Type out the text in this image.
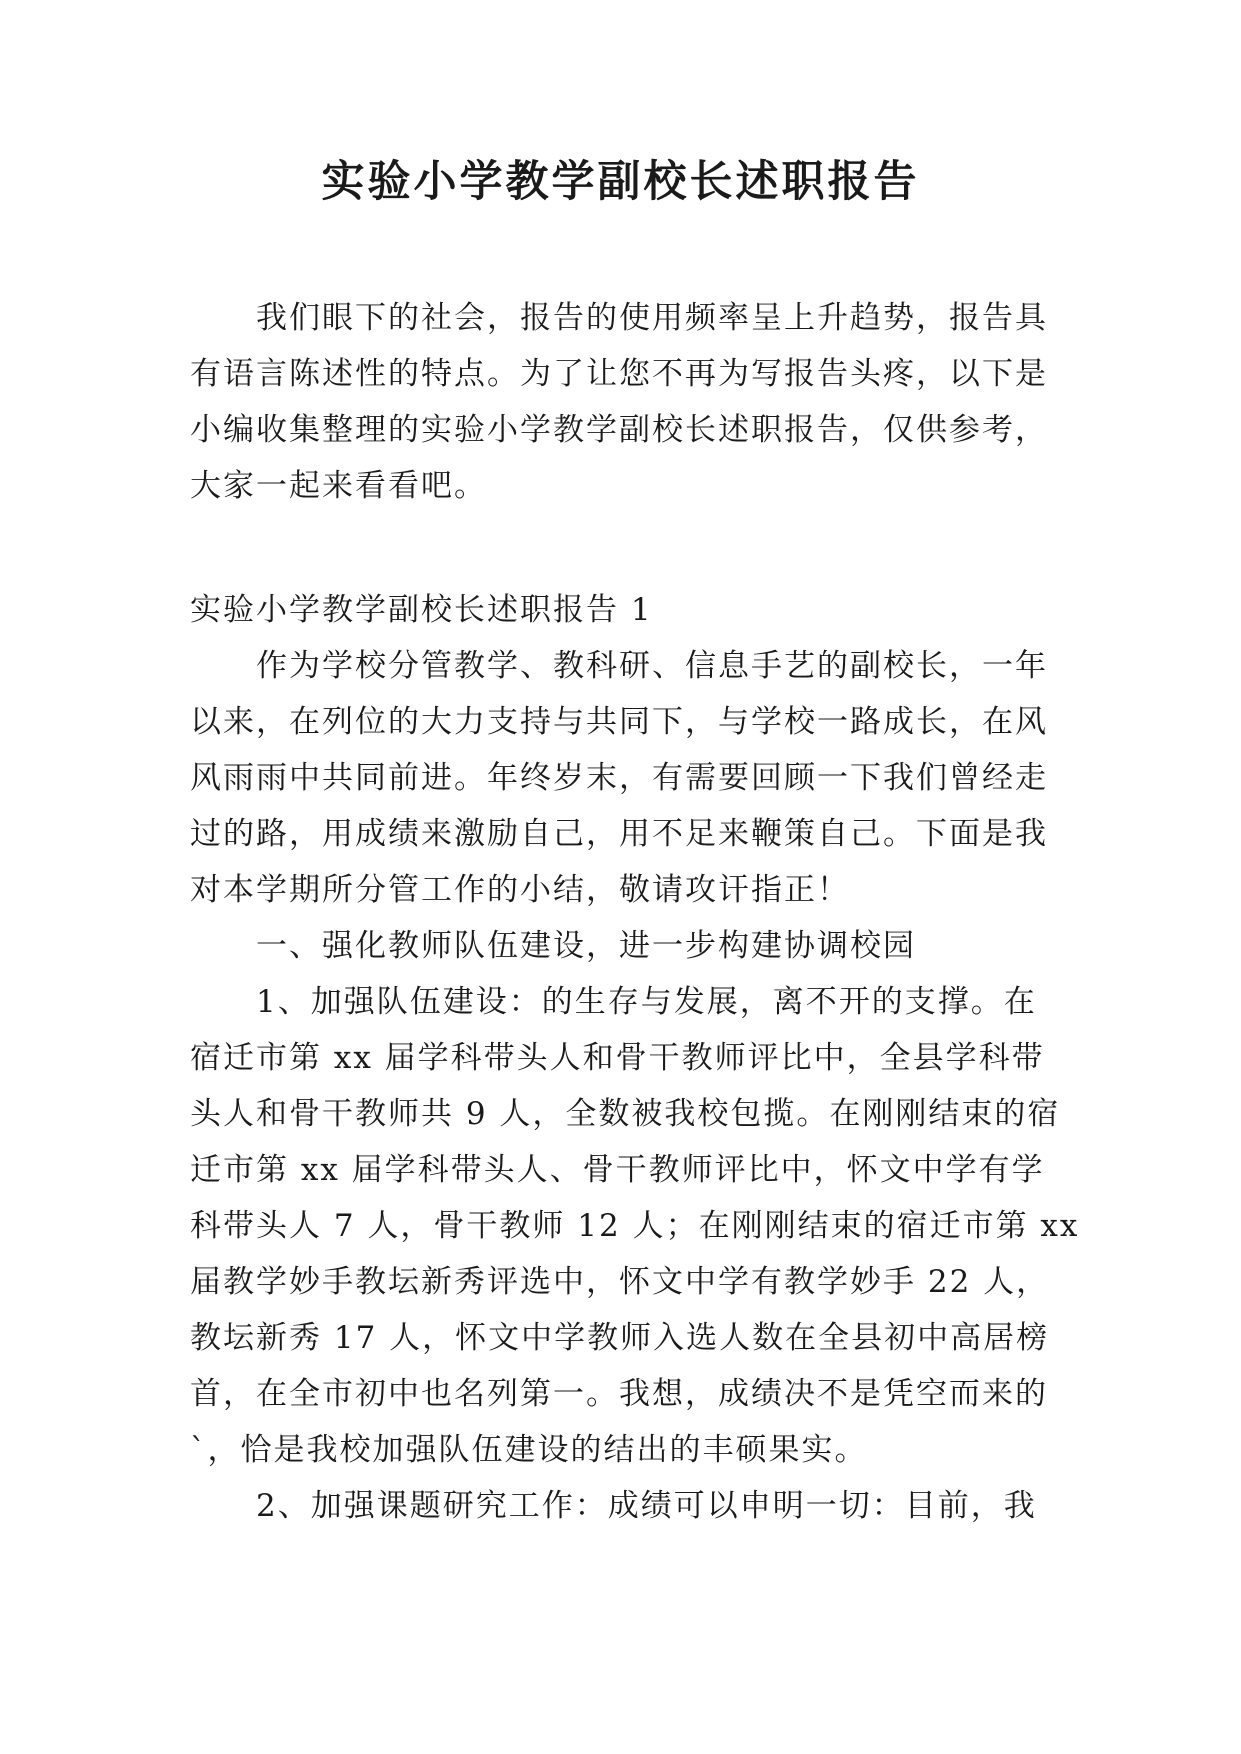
实验小学教学副校长述职报告
　　我们眼下的社会，报告的使用频率呈上升趋势，报告具
有语言陈述性的特点。为了让您不再为写报告头疼，以下是
小编收集整理的实验小学教学副校长述职报告，仅供参考，
大家一起来看看吧。
实验小学教学副校长述职报告 1
　　作为学校分管教学、教科研、信息手艺的副校长，一年
以来，在列位的大力支持与共同下，与学校一路成长，在风
风雨雨中共同前进。年终岁末，有需要回顾一下我们曾经走
过的路，用成绩来激励自己，用不足来鞭策自己。下面是我
对本学期所分管工作的小结，敬请攻讦指正！
　　一、强化教师队伍建设，进一步构建协调校园
　　1、加强队伍建设：的生存与发展，离不开的支撑。在
宿迁市第 xx 届学科带头人和骨干教师评比中，全县学科带
头人和骨干教师共 9 人，全数被我校包揽。在刚刚结束的宿
迁市第 xx 届学科带头人、骨干教师评比中，怀文中学有学
科带头人 7 人，骨干教师 12 人；在刚刚结束的宿迁市第 xx
届教学妙手教坛新秀评选中，怀文中学有教学妙手 22 人，
教坛新秀 17 人，怀文中学教师入选人数在全县初中高居榜
首，在全市初中也名列第一。我想，成绩决不是凭空而来的
`，恰是我校加强队伍建设的结出的丰硕果实。
　　2、加强课题研究工作：成绩可以申明一切：目前，我
